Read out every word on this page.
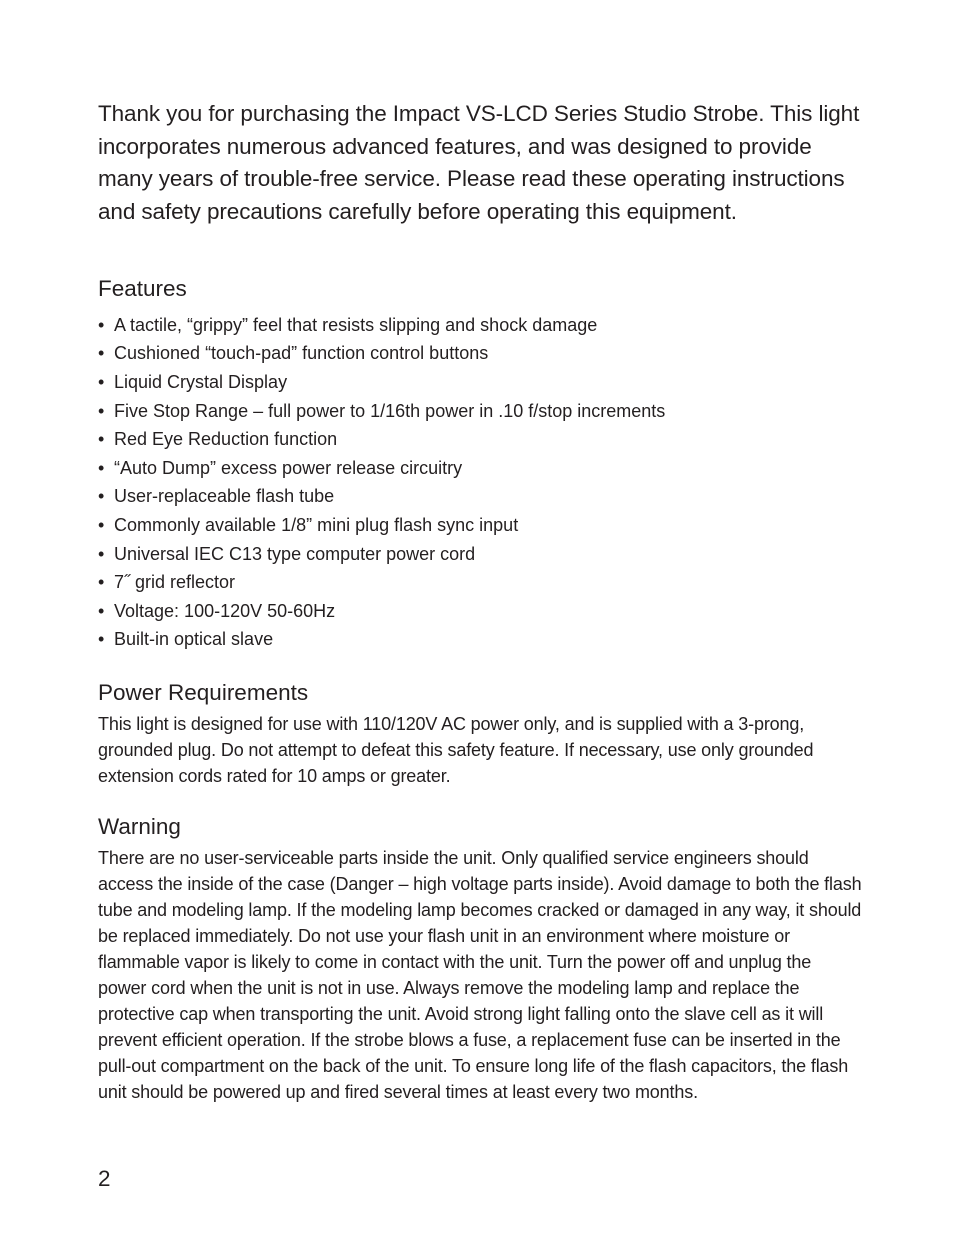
Thank you for purchasing the Impact VS-LCD Series Studio Strobe. This light incorporates numerous advanced features, and was designed to provide many years of trouble-free service. Please read these operating instructions and safety precautions carefully before operating this equipment.

Features
• A tactile, “grippy” feel that resists slipping and shock damage
• Cushioned “touch-pad” function control buttons
• Liquid Crystal Display
• Five Stop Range – full power to 1/16th power in .10 f/stop increments
• Red Eye Reduction function
• “Auto Dump” excess power release circuitry
• User-replaceable flash tube
• Commonly available 1/8” mini plug flash sync input
• Universal IEC C13 type computer power cord
• 7˝ grid reflector
• Voltage: 100-120V 50-60Hz
• Built-in optical slave
Power Requirements

This light is designed for use with 110/120V AC power only, and is supplied with a 3-prong, grounded plug. Do not attempt to defeat this safety feature. If necessary, use only grounded extension cords rated for 10 amps or greater.

Warning

There are no user-serviceable parts inside the unit. Only qualified service engineers should access the inside of the case (Danger – high voltage parts inside). Avoid damage to both the flash tube and modeling lamp. If the modeling lamp becomes cracked or damaged in any way, it should be replaced immediately. Do not use your flash unit in an environment where moisture or flammable vapor is likely to come in contact with the unit. Turn the power off and unplug the power cord when the unit is not in use. Always remove the modeling lamp and replace the protective cap when transporting the unit. Avoid strong light falling onto the slave cell as it will prevent efficient operation. If the strobe blows a fuse, a replacement fuse can be inserted in the pull-out compartment on the back of the unit. To ensure long life of the flash capacitors, the flash unit should be powered up and fired several times at least every two months.

2
